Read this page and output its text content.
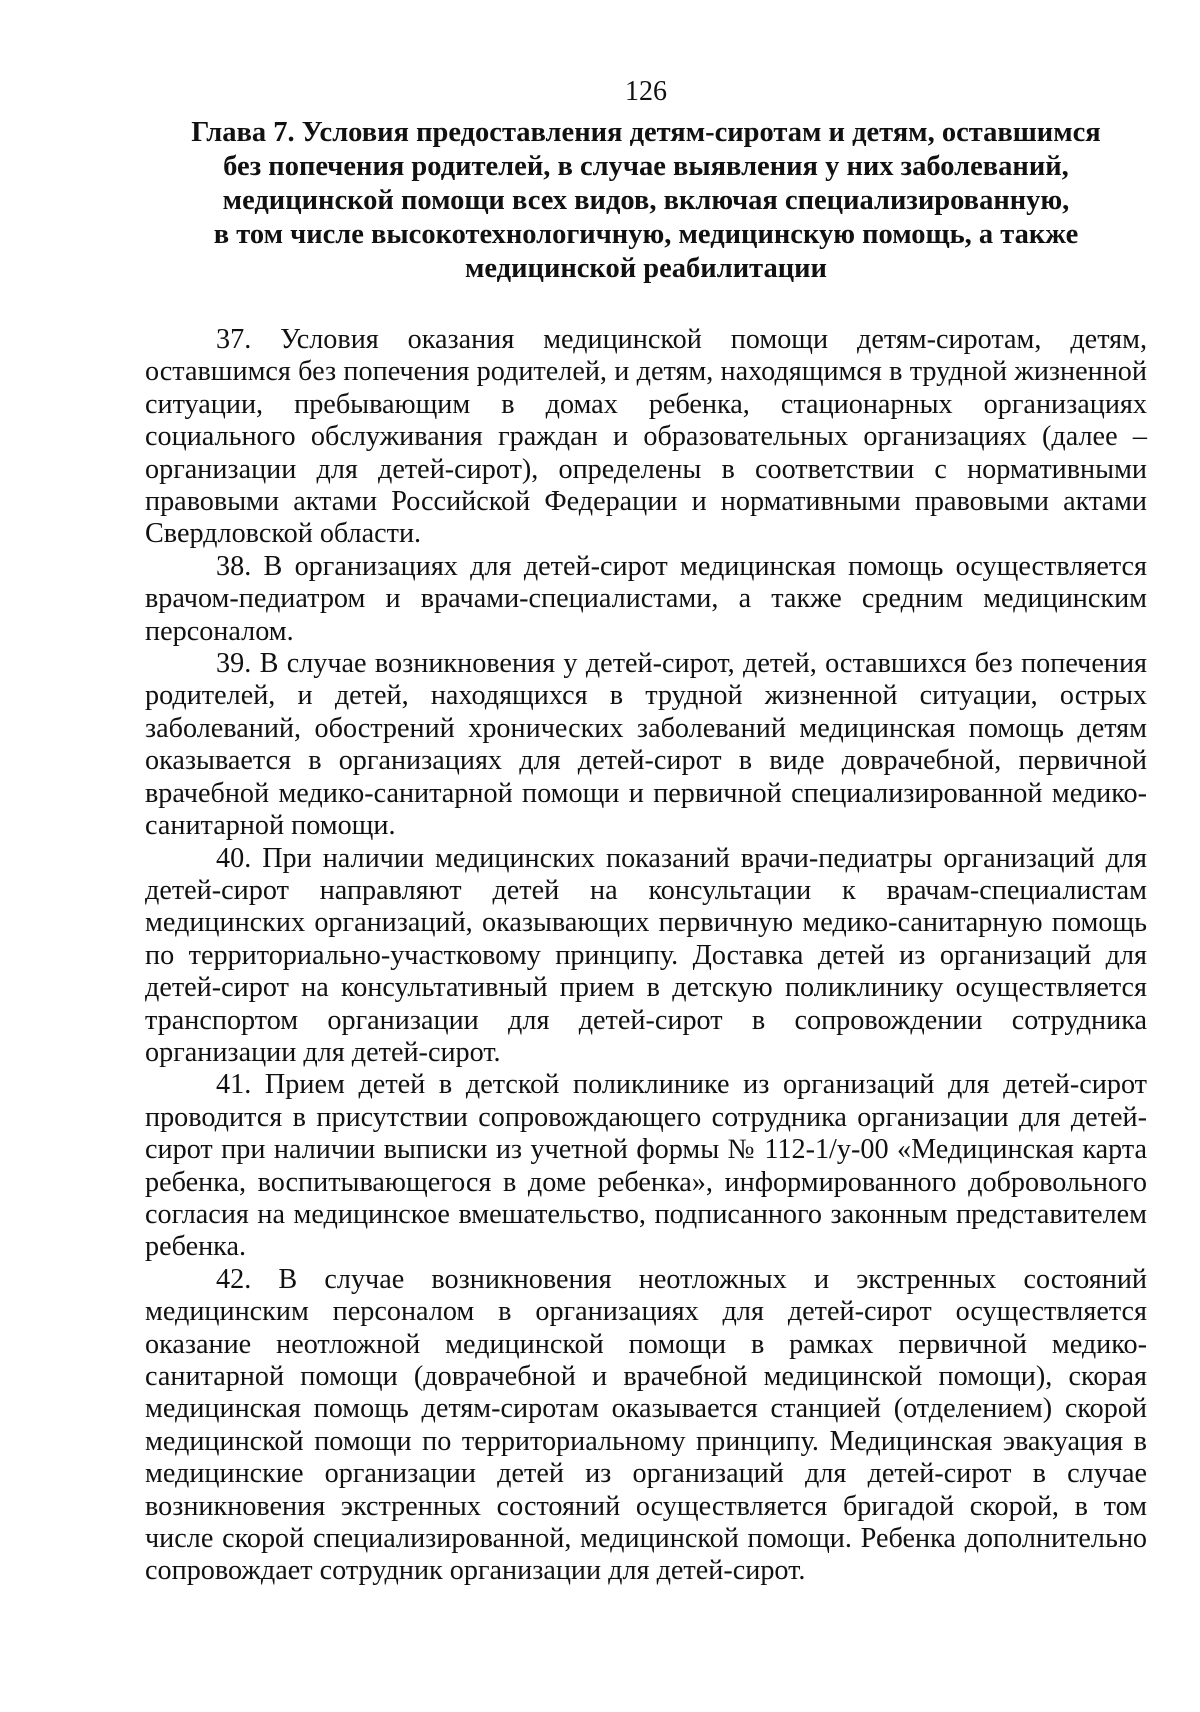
126
Глава 7. Условия предоставления детям-сиротам и детям, оставшимся
без попечения родителей, в случае выявления у них заболеваний,
медицинской помощи всех видов, включая специализированную,
в том числе высокотехнологичную, медицинскую помощь, а также
медицинской реабилитации

37. Условия оказания медицинской помощи детям-сиротам, детям, оставшимся без попечения родителей, и детям, находящимся в трудной жизненной ситуации, пребывающим в домах ребенка, стационарных организациях социального обслуживания граждан и образовательных организациях (далее – организации для детей-сирот), определены в соответствии с нормативными правовыми актами Российской Федерации и нормативными правовыми актами Свердловской области.

38. В организациях для детей-сирот медицинская помощь осуществляется врачом-педиатром и врачами-специалистами, а также средним медицинским персоналом.

39. В случае возникновения у детей-сирот, детей, оставшихся без попечения родителей, и детей, находящихся в трудной жизненной ситуации, острых заболеваний, обострений хронических заболеваний медицинская помощь детям оказывается в организациях для детей-сирот в виде доврачебной, первичной врачебной медико-санитарной помощи и первичной специализированной медико-санитарной помощи.

40. При наличии медицинских показаний врачи-педиатры организаций для детей-сирот направляют детей на консультации к врачам-специалистам медицинских организаций, оказывающих первичную медико-санитарную помощь по территориально-участковому принципу. Доставка детей из организаций для детей-сирот на консультативный прием в детскую поликлинику осуществляется транспортом организации для детей-сирот в сопровождении сотрудника организации для детей-сирот.

41. Прием детей в детской поликлинике из организаций для детей-сирот проводится в присутствии сопровождающего сотрудника организации для детей-сирот при наличии выписки из учетной формы № 112-1/у-00 «Медицинская карта ребенка, воспитывающегося в доме ребенка», информированного добровольного согласия на медицинское вмешательство, подписанного законным представителем ребенка.

42. В случае возникновения неотложных и экстренных состояний медицинским персоналом в организациях для детей-сирот осуществляется оказание неотложной медицинской помощи в рамках первичной медико-санитарной помощи (доврачебной и врачебной медицинской помощи), скорая медицинская помощь детям-сиротам оказывается станцией (отделением) скорой медицинской помощи по территориальному принципу. Медицинская эвакуация в медицинские организации детей из организаций для детей-сирот в случае возникновения экстренных состояний осуществляется бригадой скорой, в том числе скорой специализированной, медицинской помощи. Ребенка дополнительно сопровождает сотрудник организации для детей-сирот.
